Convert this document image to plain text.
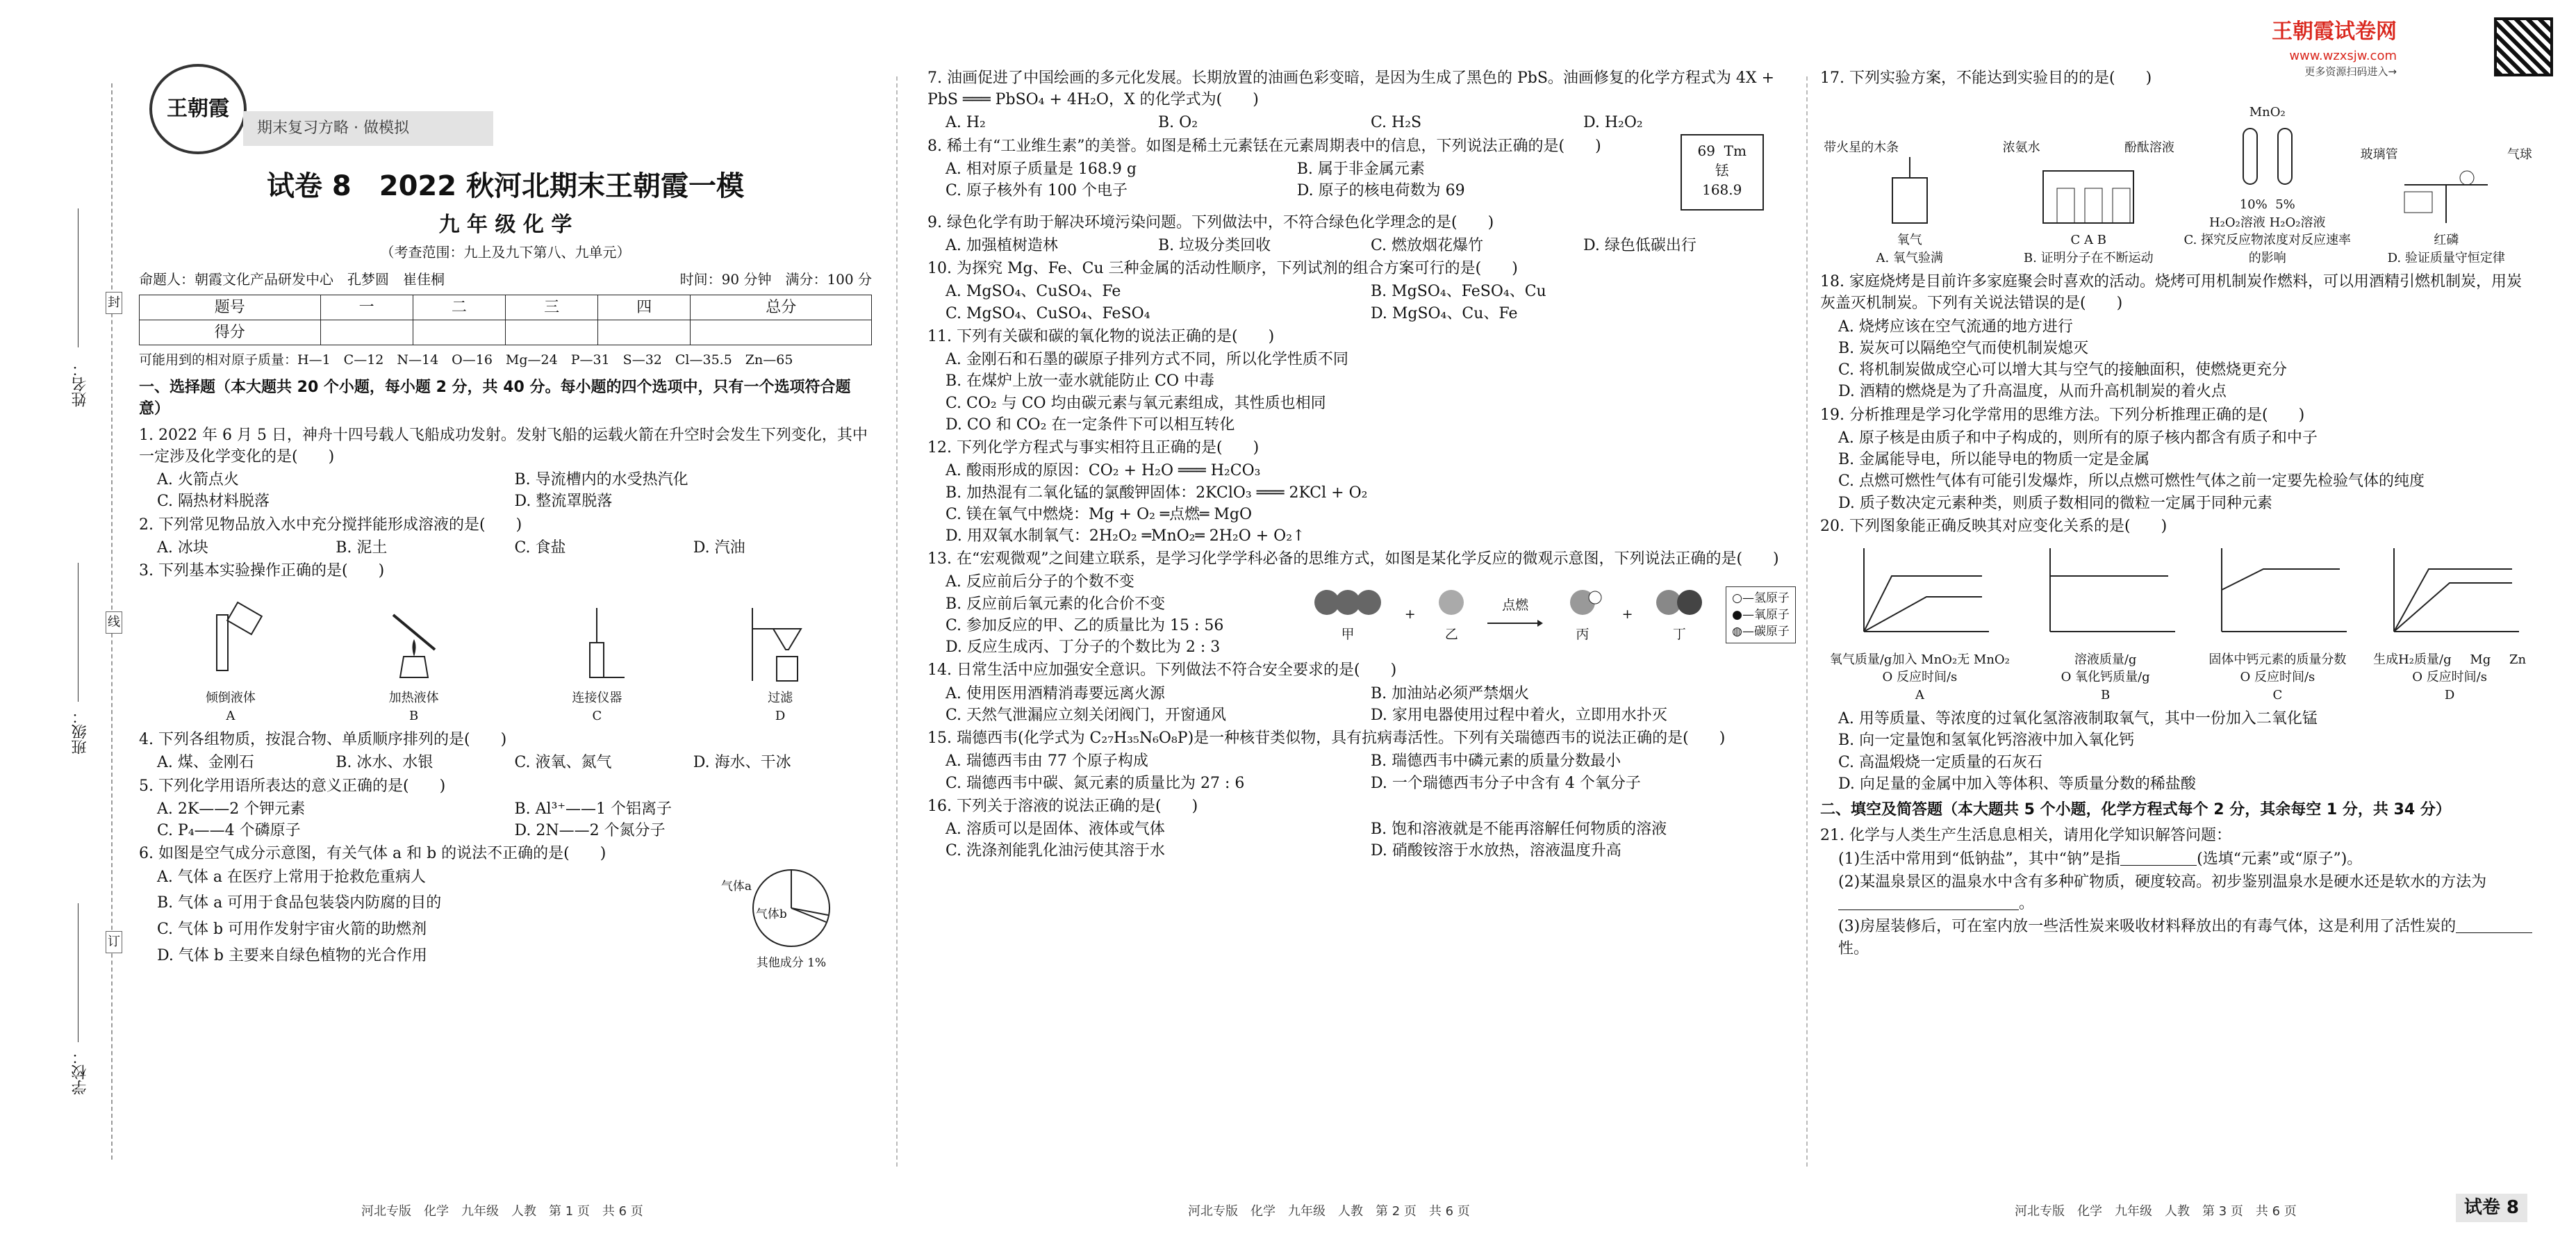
姓名：
班级：
学校：
封
线
订
王朝霞
期末复习方略 · 做模拟
试卷 8　2022 秋河北期末王朝霞一模
九 年 级 化 学
（考查范围：九上及九下第八、九单元）
命题人：朝霞文化产品研发中心　孔梦圆　崔佳桐	时间：90 分钟　满分：100 分
题号	一	二	三	四	总分
得分					
可能用到的相对原子质量：H—1　C—12　N—14　O—16　Mg—24　P—31　S—32　Cl—35.5　Zn—65
一、选择题（本大题共 20 个小题，每小题 2 分，共 40 分。每小题的四个选项中，只有一个选项符合题意）
1. 2022 年 6 月 5 日，神舟十四号载人飞船成功发射。发射飞船的运载火箭在升空时会发生下列变化，其中一定涉及化学变化的是(　　)
A. 火箭点火	B. 导流槽内的水受热汽化
C. 隔热材料脱落	D. 整流罩脱落
2. 下列常见物品放入水中充分搅拌能形成溶液的是(　　)
A. 冰块	B. 泥土	C. 食盐	D. 汽油
3. 下列基本实验操作正确的是(　　)
倾倒液体
A
加热液体
B
连接仪器
C
过滤
D
4. 下列各组物质，按混合物、单质顺序排列的是(　　)
A. 煤、金刚石	B. 冰水、水银	C. 液氧、氮气	D. 海水、干冰
5. 下列化学用语所表达的意义正确的是(　　)
A. 2K——2 个钾元素	B. Al³⁺——1 个铝离子
C. P₄——4 个磷原子	D. 2N——2 个氮分子
6. 如图是空气成分示意图，有关气体 a 和 b 的说法不正确的是(　　)
A. 气体 a 在医疗上常用于抢救危重病人
B. 气体 a 可用于食品包装袋内防腐的目的
C. 气体 b 可用作发射宇宙火箭的助燃剂
D. 气体 b 主要来自绿色植物的光合作用
气体a
气体b
其他成分 1%
河北专版　化学　九年级　人教　第 1 页　共 6 页
7. 油画促进了中国绘画的多元化发展。长期放置的油画色彩变暗，是因为生成了黑色的 PbS。油画修复的化学方程式为 4X + PbS ═══ PbSO₄ + 4H₂O，X 的化学式为(　　)
A. H₂	B. O₂	C. H₂S	D. H₂O₂
8. 稀土有“工业维生素”的美誉。如图是稀土元素铥在元素周期表中的信息，下列说法正确的是(　　)
A. 相对原子质量是 168.9 g	B. 属于非金属元素
C. 原子核外有 100 个电子	D. 原子的核电荷数为 69
69 Tm
铥
168.9
9. 绿色化学有助于解决环境污染问题。下列做法中，不符合绿色化学理念的是(　　)
A. 加强植树造林	B. 垃圾分类回收	C. 燃放烟花爆竹	D. 绿色低碳出行
10. 为探究 Mg、Fe、Cu 三种金属的活动性顺序，下列试剂的组合方案可行的是(　　)
A. MgSO₄、CuSO₄、Fe	B. MgSO₄、FeSO₄、Cu
C. MgSO₄、CuSO₄、FeSO₄	D. MgSO₄、Cu、Fe
11. 下列有关碳和碳的氧化物的说法正确的是(　　)
A. 金刚石和石墨的碳原子排列方式不同，所以化学性质不同
B. 在煤炉上放一壶水就能防止 CO 中毒
C. CO₂ 与 CO 均由碳元素与氧元素组成，其性质也相同
D. CO 和 CO₂ 在一定条件下可以相互转化
12. 下列化学方程式与事实相符且正确的是(　　)
A. 酸雨形成的原因：CO₂ + H₂O ═══ H₂CO₃
B. 加热混有二氧化锰的氯酸钾固体：2KClO₃ ═══ 2KCl + O₂
C. 镁在氧气中燃烧：Mg + O₂ ═点燃═ MgO
D. 用双氧水制氧气：2H₂O₂ ═MnO₂═ 2H₂O + O₂↑
13. 在“宏观微观”之间建立联系，是学习化学学科必备的思维方式，如图是某化学反应的微观示意图，下列说法正确的是(　　)
A. 反应前后分子的个数不变
B. 反应前后氧元素的化合价不变
C. 参加反应的甲、乙的质量比为 15 : 56
D. 反应生成丙、丁分子的个数比为 2 : 3
甲
+
乙
点燃
丙
+
丁
○—氢原子
●—氧原子
◍—碳原子
14. 日常生活中应加强安全意识。下列做法不符合安全要求的是(　　)
A. 使用医用酒精消毒要远离火源	B. 加油站必须严禁烟火
C. 天然气泄漏应立刻关闭阀门，开窗通风	D. 家用电器使用过程中着火，立即用水扑灭
15. 瑞德西韦(化学式为 C₂₇H₃₅N₆O₈P)是一种核苷类似物，具有抗病毒活性。下列有关瑞德西韦的说法正确的是(　　)
A. 瑞德西韦由 77 个原子构成	B. 瑞德西韦中磷元素的质量分数最小
C. 瑞德西韦中碳、氮元素的质量比为 27 : 6	D. 一个瑞德西韦分子中含有 4 个氧分子
16. 下列关于溶液的说法正确的是(　　)
A. 溶质可以是固体、液体或气体	B. 饱和溶液就是不能再溶解任何物质的溶液
C. 洗涤剂能乳化油污使其溶于水	D. 硝酸铵溶于水放热，溶液温度升高
河北专版　化学　九年级　人教　第 2 页　共 6 页
王朝霞试卷网
www.wzxsjw.com
更多资源扫码进入→
17. 下列实验方案，不能达到实验目的的是(　　)
带火星的木条
氧气
A. 氧气验满
浓氨水	酚酞溶液
C A B
B. 证明分子在不断运动
MnO₂
10% 5%
H₂O₂溶液 H₂O₂溶液
C. 探究反应物浓度对反应速率的影响
玻璃管	气球
红磷
D. 验证质量守恒定律
18. 家庭烧烤是目前许多家庭聚会时喜欢的活动。烧烤可用机制炭作燃料，可以用酒精引燃机制炭，用炭灰盖灭机制炭。下列有关说法错误的是(　　)
A. 烧烤应该在空气流通的地方进行
B. 炭灰可以隔绝空气而使机制炭熄灭
C. 将机制炭做成空心可以增大其与空气的接触面积，使燃烧更充分
D. 酒精的燃烧是为了升高温度，从而升高机制炭的着火点
19. 分析推理是学习化学常用的思维方法。下列分析推理正确的是(　　)
A. 原子核是由质子和中子构成的，则所有的原子核内都含有质子和中子
B. 金属能导电，所以能导电的物质一定是金属
C. 点燃可燃性气体有可能引发爆炸，所以点燃可燃性气体之前一定要先检验气体的纯度
D. 质子数决定元素种类，则质子数相同的微粒一定属于同种元素
20. 下列图象能正确反映其对应变化关系的是(　　)
氧气质量/g 加入 MnO₂ 无 MnO₂
O 反应时间/s
A
溶液质量/g
O 氧化钙质量/g
B
固体中钙元素的质量分数
O 反应时间/s
C
生成H₂质量/g Mg Zn
O 反应时间/s
D
A. 用等质量、等浓度的过氧化氢溶液制取氧气，其中一份加入二氧化锰
B. 向一定量饱和氢氧化钙溶液中加入氧化钙
C. 高温煅烧一定质量的石灰石
D. 向足量的金属中加入等体积、等质量分数的稀盐酸
二、填空及简答题（本大题共 5 个小题，化学方程式每个 2 分，其余每空 1 分，共 34 分）
21. 化学与人类生产生活息息相关，请用化学知识解答问题：
(1)生活中常用到“低钠盐”，其中“钠”是指	(选填“元素”或“原子”)。
(2)某温泉景区的温泉水中含有多种矿物质，硬度较高。初步鉴别温泉水是硬水还是软水的方法为。
(3)房屋装修后，可在室内放一些活性炭来吸收材料释放出的有毒气体，这是利用了活性炭的性。
河北专版　化学　九年级　人教　第 3 页　共 6 页	试卷 8
